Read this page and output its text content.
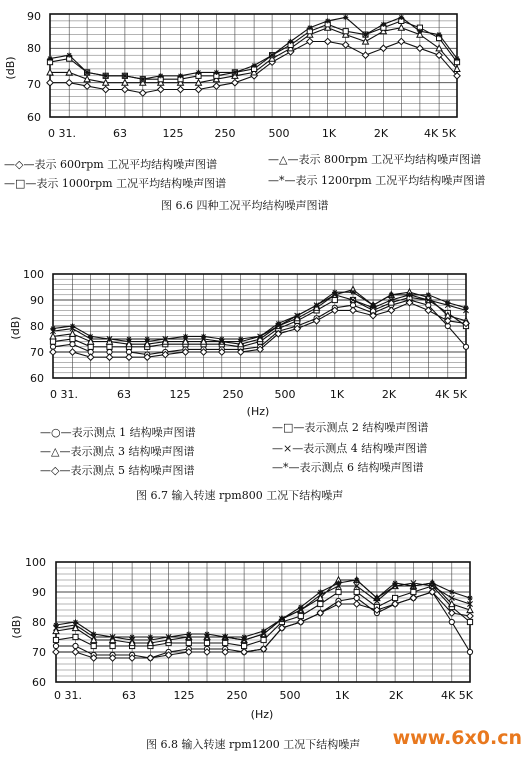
(dB)
60
70
80
90
0 31.	63	125	250	500	1K	2K	4K 5K
—◇—表示 600rpm 工况平均结构噪声图谱	—△—表示 800rpm 工况平均结构噪声图谱
—□—表示 1000rpm 工况平均结构噪声图谱	—*—表示 1200rpm 工况平均结构噪声图谱
图 6.6 四种工况平均结构噪声图谱
(dB)
60
70
80
90
100
0 31.	63	125	250	500	1K	2K	4K 5K
(Hz)
—○—表示测点 1 结构噪声图谱	—□—表示测点 2 结构噪声图谱
—△—表示测点 3 结构噪声图谱	—×—表示测点 4 结构噪声图谱
—◇—表示测点 5 结构噪声图谱	—*—表示测点 6 结构噪声图谱
图 6.7 输入转速 rpm800 工况下结构噪声
(dB)
60
70
80
90
100
0 31.	63	125	250	500	1K	2K	4K 5K
(Hz)
图 6.8 输入转速 rpm1200 工况下结构噪声 www.6x0.cn
